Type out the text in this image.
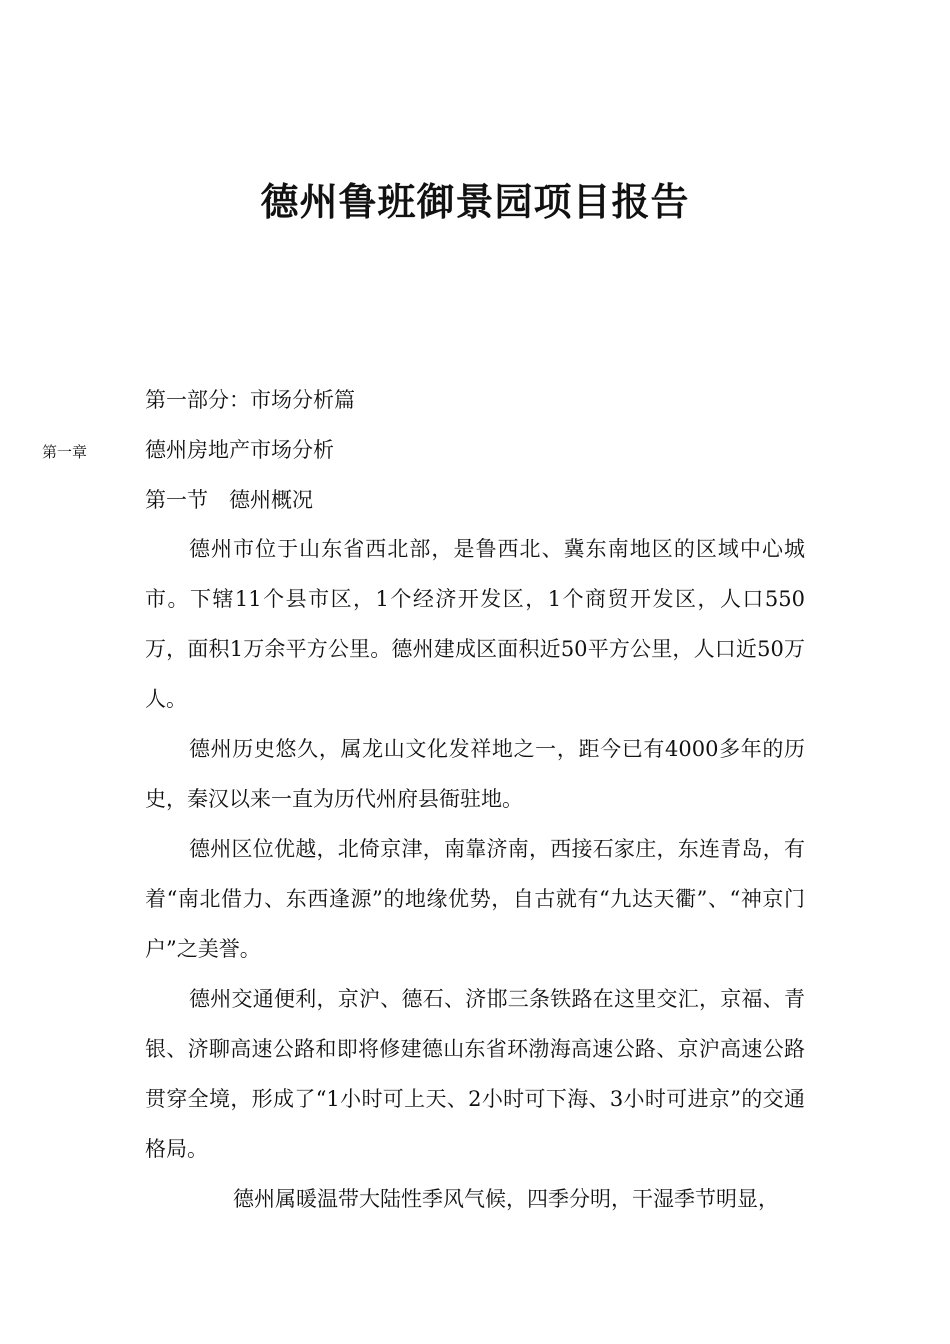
德州鲁班御景园项目报告
第一部分：市场分析篇
第一章	德州房地产市场分析
第一节　德州概况

德州市位于山东省西北部，是鲁西北、冀东南地区的区域中心城市。下辖11个县市区，1个经济开发区，1个商贸开发区，人口550万，面积1万余平方公里。德州建成区面积近50平方公里，人口近50万人。

德州历史悠久，属龙山文化发祥地之一，距今已有4000多年的历史，秦汉以来一直为历代州府县衙驻地。

德州区位优越，北倚京津，南靠济南，西接石家庄，东连青岛，有着“南北借力、东西逢源”的地缘优势，自古就有“九达天衢”、“神京门户”之美誉。

德州交通便利，京沪、德石、济邯三条铁路在这里交汇，京福、青银、济聊高速公路和即将修建德山东省环渤海高速公路、京沪高速公路贯穿全境，形成了“1小时可上天、2小时可下海、3小时可进京”的交通格局。

德州属暖温带大陆性季风气候，四季分明，干湿季节明显，
